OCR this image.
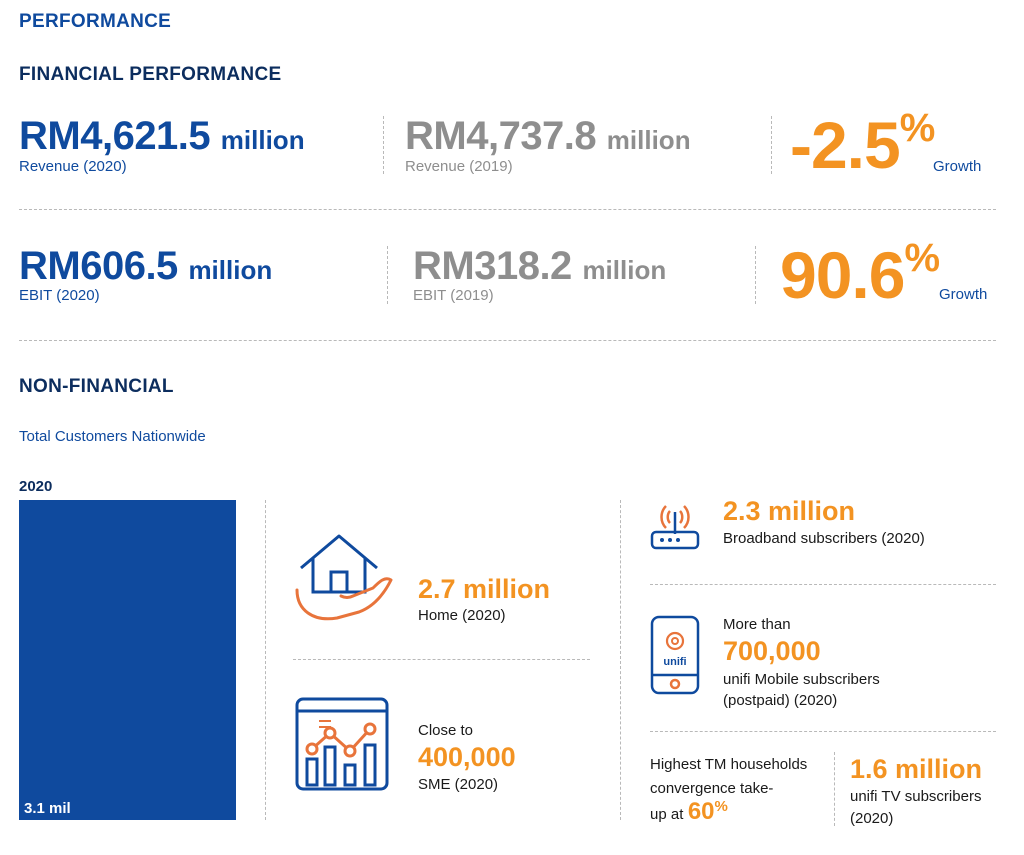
PERFORMANCE
FINANCIAL PERFORMANCE
RM4,621.5 million
Revenue (2020)
RM4,737.8 million
Revenue (2019)	-2.5%
Growth
RM606.5 million
EBIT (2020)
RM318.2 million
EBIT (2019)	90.6%
Growth
NON-FINANCIAL
Total Customers Nationwide
2020
3.1 mil
2.7 million
Home (2020)
Close to
400,000
SME (2020)
2.3 million
Broadband subscribers (2020)
unifi
More than
700,000
unifi Mobile subscribers
(postpaid) (2020)
Highest TM households
convergence take-
up at 60%
1.6 million
unifi TV subscribers
(2020)
